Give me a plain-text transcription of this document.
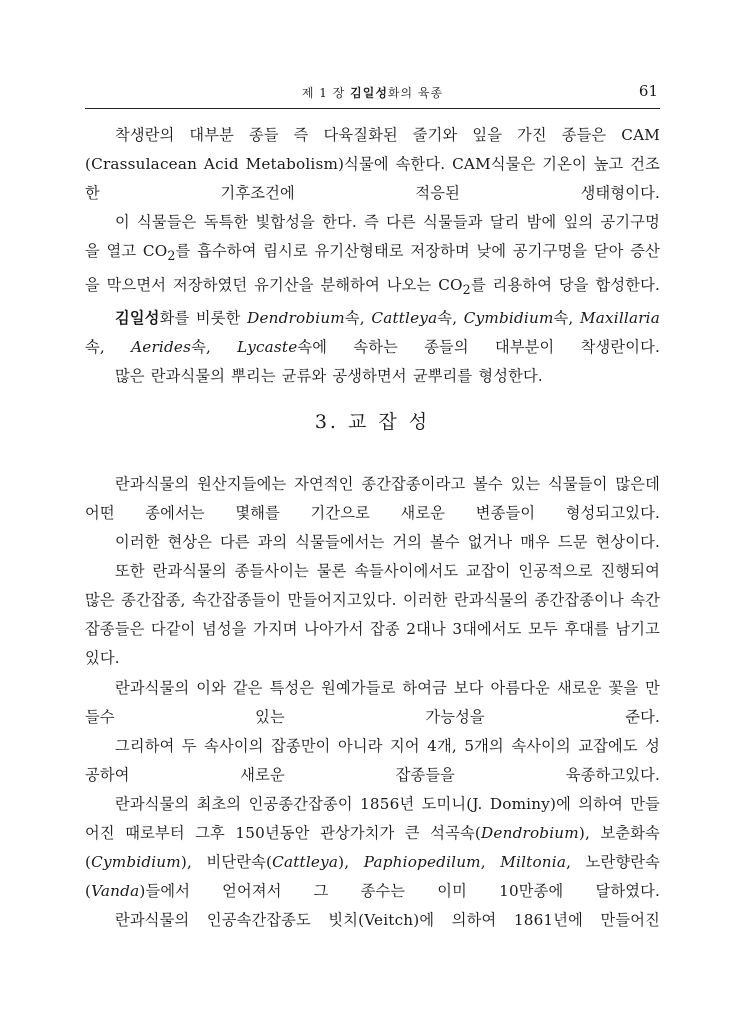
제 1 장 김일성화의 육종	61

착생란의 대부분 종들 즉 다육질화된 줄기와 잎을 가진 종들은 CAM (Crassulacean Acid Metabolism)식물에 속한다. CAM식물은 기온이 높고 건조한 기후조건에 적응된 생태형이다.

이 식물들은 독특한 빛합성을 한다. 즉 다른 식물들과 달리 밤에 잎의 공기구멍을 열고 $CO_2$를 흡수하여 림시로 유기산형태로 저장하며 낮에 공기구멍을 닫아 증산을 막으면서 저장하였던 유기산을 분해하여 나오는 $CO_2$를 리용하여 당을 합성한다.

김일성화를 비롯한 Dendrobium속, Cattleya속, Cymbidium속, Maxillaria속, Aerides속, Lycaste속에 속하는 종들의 대부분이 착생란이다.

많은 란과식물의 뿌리는 균류와 공생하면서 균뿌리를 형성한다.

3. 교 잡 성

란과식물의 원산지들에는 자연적인 종간잡종이라고 볼수 있는 식물들이 많은데 어떤 종에서는 몇해를 기간으로 새로운 변종들이 형성되고있다.

이러한 현상은 다른 과의 식물들에서는 거의 볼수 없거나 매우 드문 현상이다.

또한 란과식물의 종들사이는 물론 속들사이에서도 교잡이 인공적으로 진행되여 많은 종간잡종, 속간잡종들이 만들어지고있다. 이러한 란과식물의 종간잡종이나 속간잡종들은 다같이 념성을 가지며 나아가서 잡종 2대나 3대에서도 모두 후대를 남기고있다.

란과식물의 이와 같은 특성은 원예가들로 하여금 보다 아름다운 새로운 꽃을 만들수 있는 가능성을 준다.

그리하여 두 속사이의 잡종만이 아니라 지어 4개, 5개의 속사이의 교잡에도 성공하여 새로운 잡종들을 육종하고있다.

란과식물의 최초의 인공종간잡종이 1856년 도미니(J. Dominy)에 의하여 만들어진 때로부터 그후 150년동안 관상가치가 큰 석곡속(Dendrobium), 보춘화속(Cymbidium), 비단란속(Cattleya), Paphiopedilum, Miltonia, 노란향란속(Vanda)들에서 얻어져서 그 종수는 이미 10만종에 달하였다.

란과식물의 인공속간잡종도 빗치(Veitch)에 의하여 1861년에 만들어진
